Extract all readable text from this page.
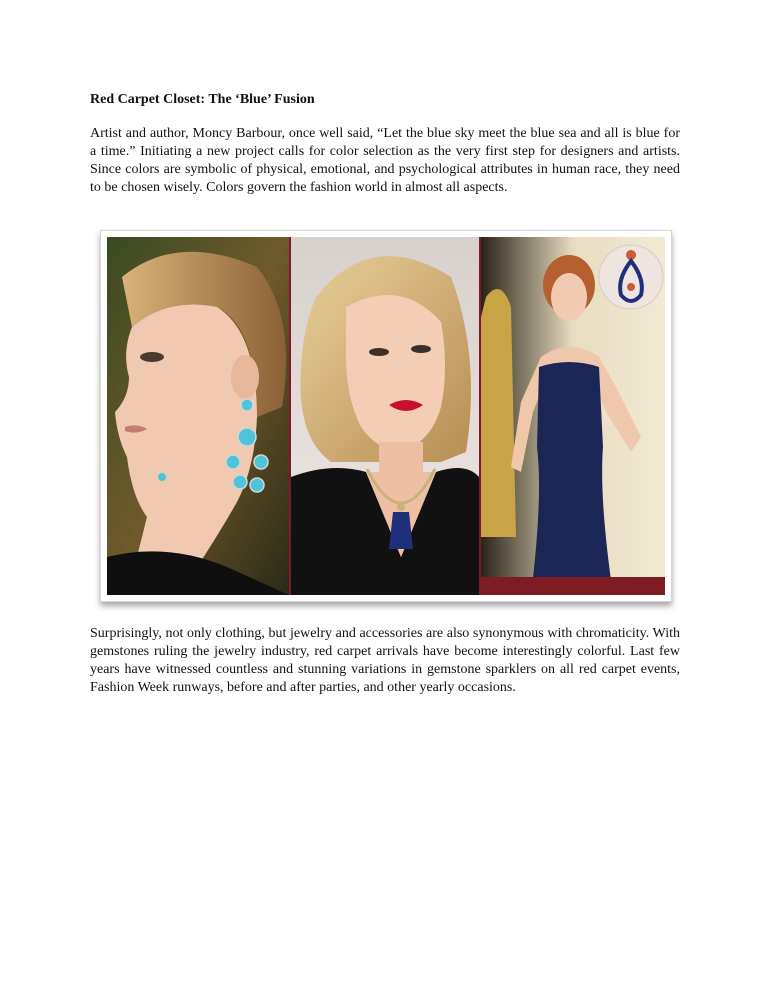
Red Carpet Closet: The ‘Blue’ Fusion

Artist and author, Moncy Barbour, once well said, “Let the blue sky meet the blue sea and all is blue for a time.” Initiating a new project calls for color selection as the very first step for designers and artists. Since colors are symbolic of physical, emotional, and psychological attributes in human race, they need to be chosen wisely. Colors govern the fashion world in almost all aspects.

Surprisingly, not only clothing, but jewelry and accessories are also synonymous with chromaticity. With gemstones ruling the jewelry industry, red carpet arrivals have become interestingly colorful. Last few years have witnessed countless and stunning variations in gemstone sparklers on all red carpet events, Fashion Week runways, before and after parties, and other yearly occasions.
